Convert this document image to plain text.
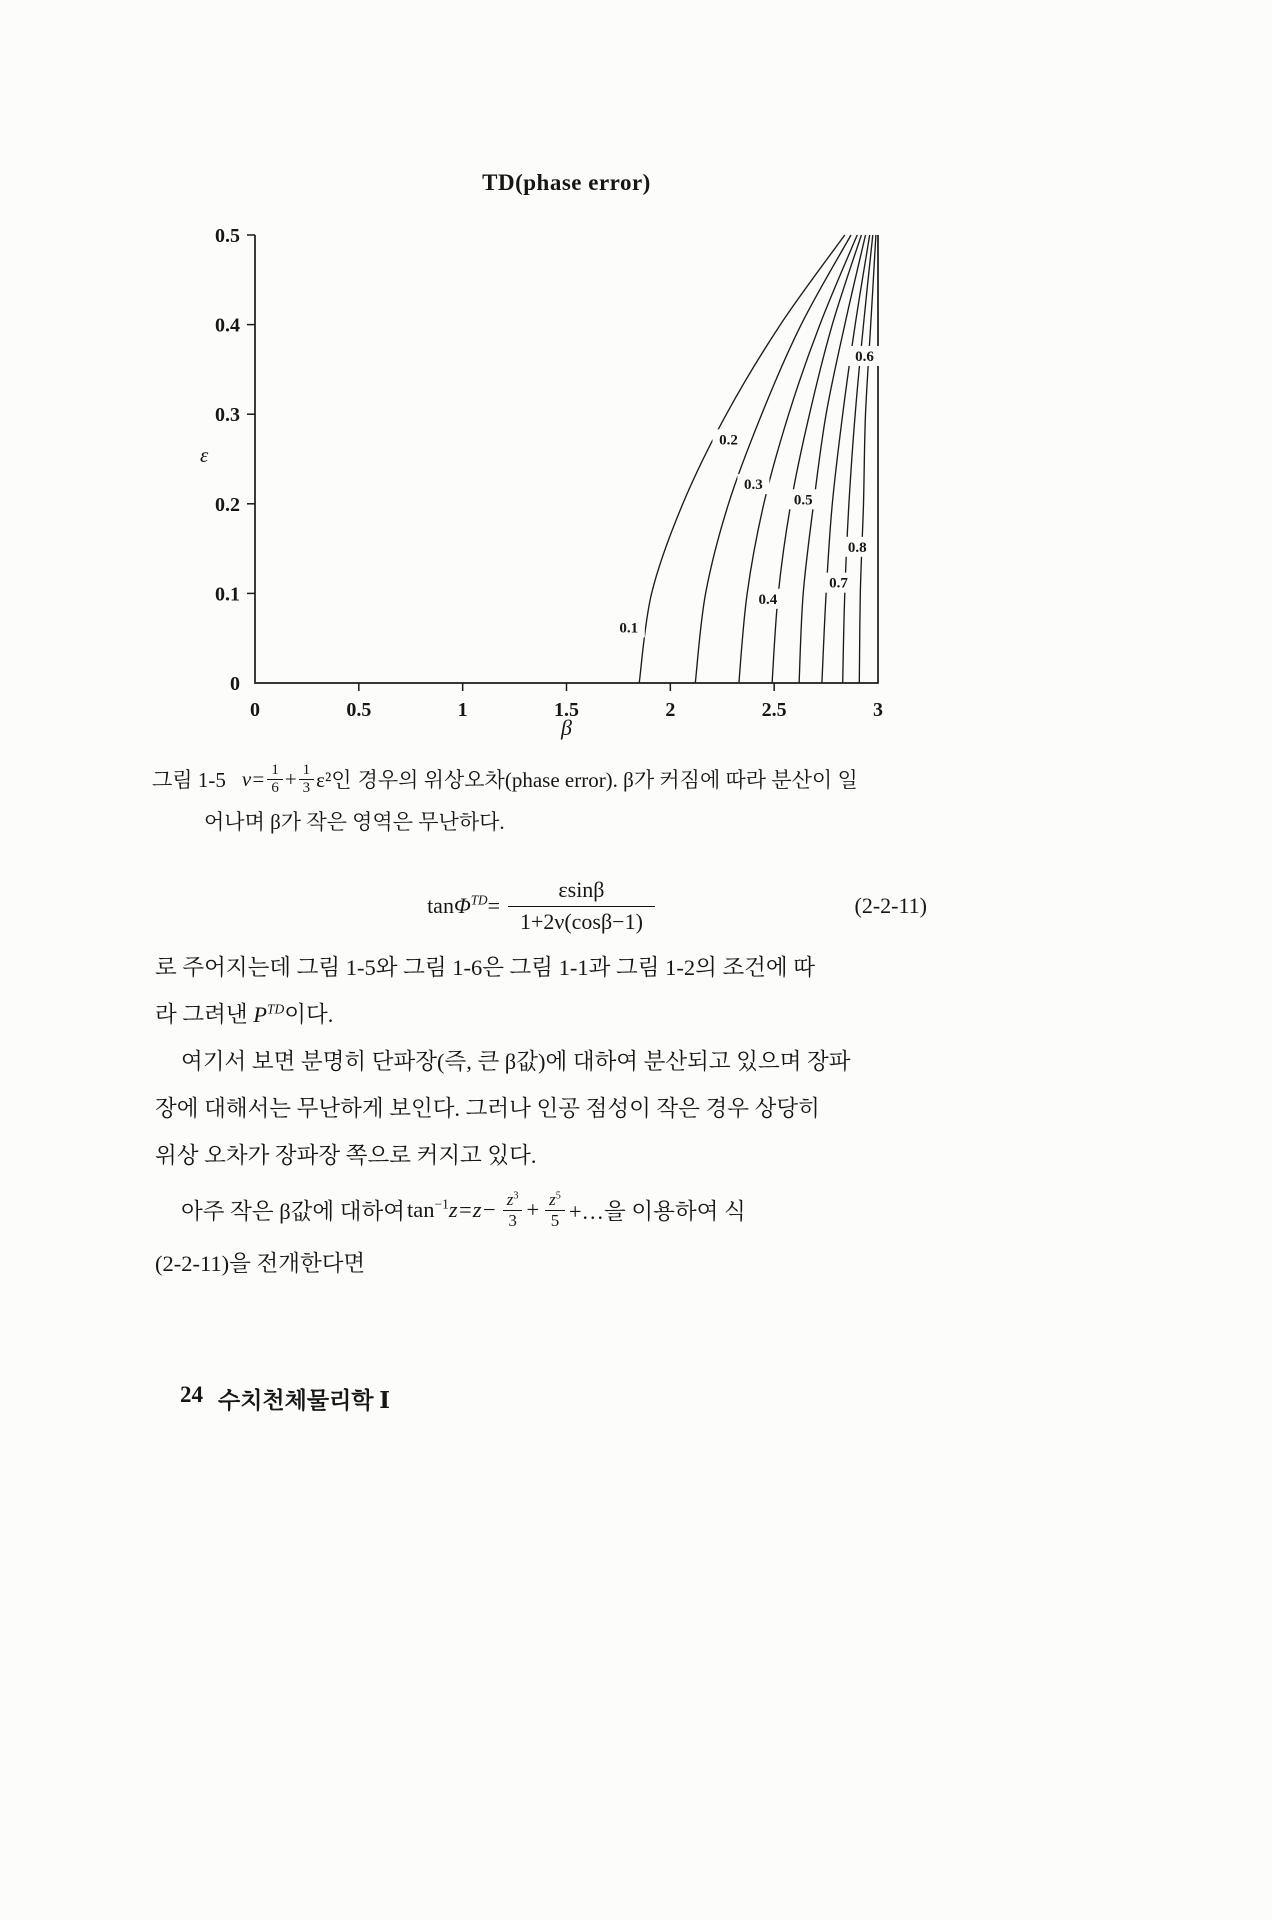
0
0.1
0.2
0.3
0.4
0.5
0	0.5	1	1.5	2	2.5	3
0.1
0.2
0.3
0.4
0.5
0.6
0.7
0.8
TD(phase error)
ε
β
그림 1-5 $\nu= \frac{1}{6} + \frac{1}{3} \varepsilon^2$인 경우의 위상오차(phase error). β가 커짐에 따라 분산이 일
어나며 β가 작은 영역은 무난하다.
$\tan\Phi^{TD}= \frac{\varepsilon\sin\beta}{1+2\nu(\cos\beta-1)}$	(2-2-11)
로 주어지는데 그림 1-5와 그림 1-6은 그림 1-1과 그림 1-2의 조건에 따
라 그려낸 $P^{TD}$이다.
여기서 보면 분명히 단파장(즉, 큰 β값)에 대하여 분산되고 있으며 장파
장에 대해서는 무난하게 보인다. 그러나 인공 점성이 작은 경우 상당히
위상 오차가 장파장 쪽으로 커지고 있다.
아주 작은 β값에 대하여 $\tan^{-1}z=z- \frac{z^3}{3} + \frac{z^5}{5}$ +…을 이용하여 식
(2-2-11)을 전개한다면
24 수치천체물리학 Ⅰ
